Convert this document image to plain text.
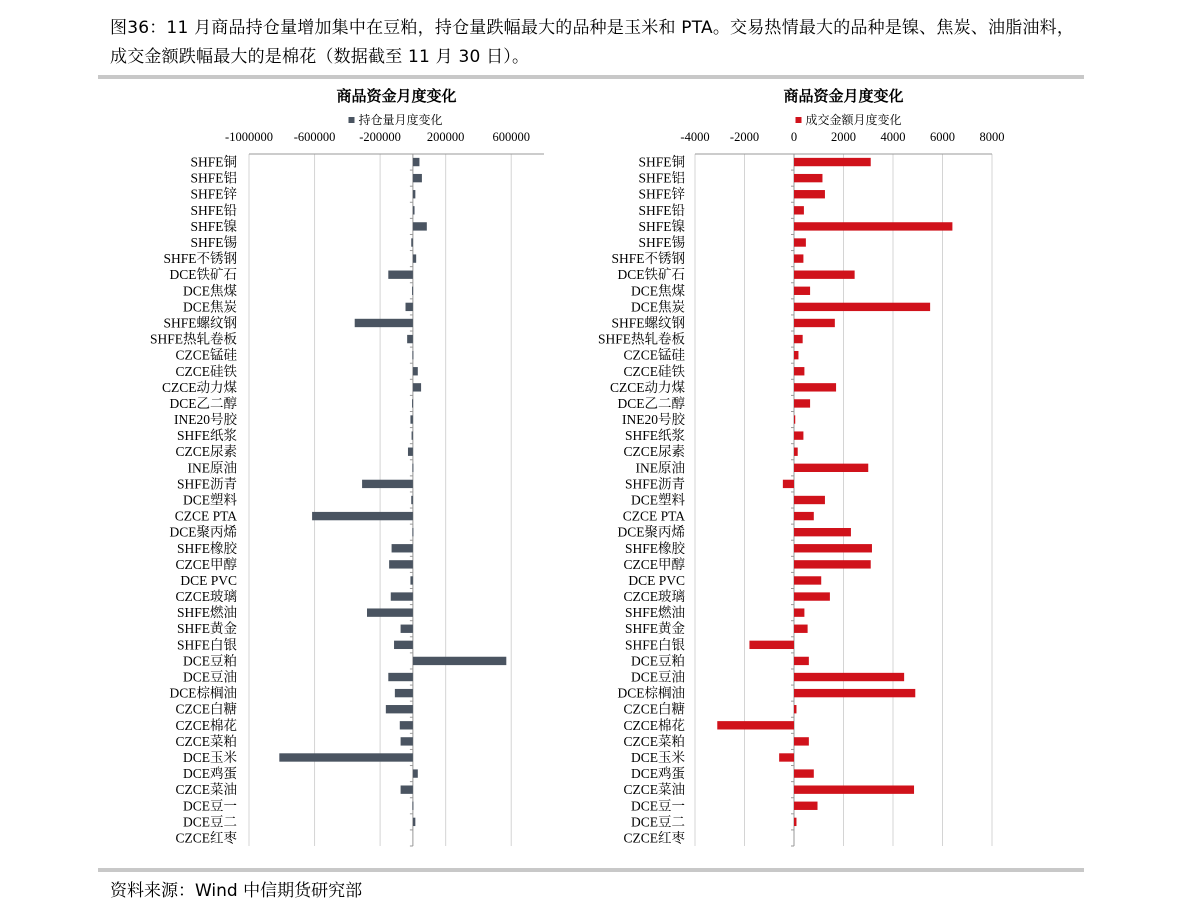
图36：11 月商品持仓量增加集中在豆粕，持仓量跌幅最大的品种是玉米和 PTA。交易热情最大的品种是镍、焦炭、油脂油料，成交金额跌幅最大的是棉花（数据截至 11 月 30 日）。
商品资金月度变化
持仓量月度变化
-1000000 -600000 -200000 200000 600000
SHFE铜
SHFE铝
SHFE锌
SHFE铅
SHFE镍
SHFE锡
SHFE不锈钢
DCE铁矿石
DCE焦煤
DCE焦炭
SHFE螺纹钢
SHFE热轧卷板
CZCE锰硅
CZCE硅铁
CZCE动力煤
DCE乙二醇
INE20号胶
SHFE纸浆
CZCE尿素
INE原油
SHFE沥青
DCE塑料
CZCE PTA
DCE聚丙烯
SHFE橡胶
CZCE甲醇
DCE PVC
CZCE玻璃
SHFE燃油
SHFE黄金
SHFE白银
DCE豆粕
DCE豆油
DCE棕榈油
CZCE白糖
CZCE棉花
CZCE菜粕
DCE玉米
DCE鸡蛋
CZCE菜油
DCE豆一
DCE豆二
CZCE红枣
商品资金月度变化
成交金额月度变化
-4000 -2000	0	2000 4000 6000 8000
SHFE铜
SHFE铝
SHFE锌
SHFE铅
SHFE镍
SHFE锡
SHFE不锈钢
DCE铁矿石
DCE焦煤
DCE焦炭
SHFE螺纹钢
SHFE热轧卷板
CZCE锰硅
CZCE硅铁
CZCE动力煤
DCE乙二醇
INE20号胶
SHFE纸浆
CZCE尿素
INE原油
SHFE沥青
DCE塑料
CZCE PTA
DCE聚丙烯
SHFE橡胶
CZCE甲醇
DCE PVC
CZCE玻璃
SHFE燃油
SHFE黄金
SHFE白银
DCE豆粕
DCE豆油
DCE棕榈油
CZCE白糖
CZCE棉花
CZCE菜粕
DCE玉米
DCE鸡蛋
CZCE菜油
DCE豆一
DCE豆二
CZCE红枣
资料来源：Wind 中信期货研究部
